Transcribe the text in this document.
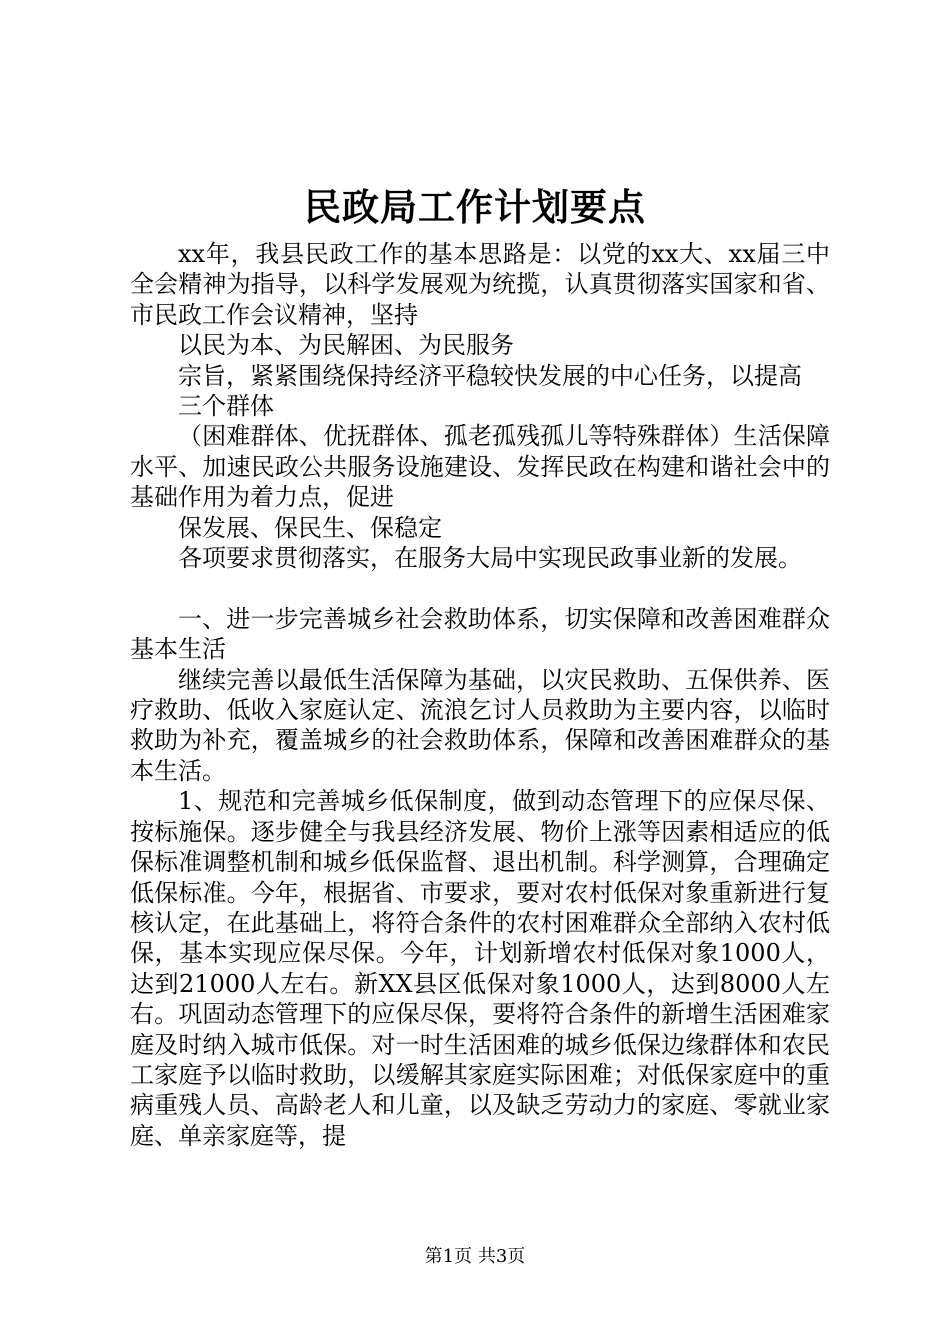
民政局工作计划要点

xx年，我县民政工作的基本思路是：以党的xx大、xx届三中全会精神为指导，以科学发展观为统揽，认真贯彻落实国家和省、市民政工作会议精神，坚持

以民为本、为民解困、为民服务

宗旨，紧紧围绕保持经济平稳较快发展的中心任务，以提高

三个群体

（困难群体、优抚群体、孤老孤残孤儿等特殊群体）生活保障水平、加速民政公共服务设施建设、发挥民政在构建和谐社会中的基础作用为着力点，促进

保发展、保民生、保稳定

各项要求贯彻落实，在服务大局中实现民政事业新的发展。

一、进一步完善城乡社会救助体系，切实保障和改善困难群众基本生活

继续完善以最低生活保障为基础，以灾民救助、五保供养、医疗救助、低收入家庭认定、流浪乞讨人员救助为主要内容，以临时救助为补充，覆盖城乡的社会救助体系，保障和改善困难群众的基本生活。

1、规范和完善城乡低保制度，做到动态管理下的应保尽保、按标施保。逐步健全与我县经济发展、物价上涨等因素相适应的低保标准调整机制和城乡低保监督、退出机制。科学测算，合理确定低保标准。今年，根据省、市要求，要对农村低保对象重新进行复核认定，在此基础上，将符合条件的农村困难群众全部纳入农村低保，基本实现应保尽保。今年，计划新增农村低保对象1000人，达到21000人左右。新XX县区低保对象1000人，达到8000人左右。巩固动态管理下的应保尽保，要将符合条件的新增生活困难家庭及时纳入城市低保。对一时生活困难的城乡低保边缘群体和农民工家庭予以临时救助，以缓解其家庭实际困难；对低保家庭中的重病重残人员、高龄老人和儿童，以及缺乏劳动力的家庭、零就业家庭、单亲家庭等，提

第1页 共3页
